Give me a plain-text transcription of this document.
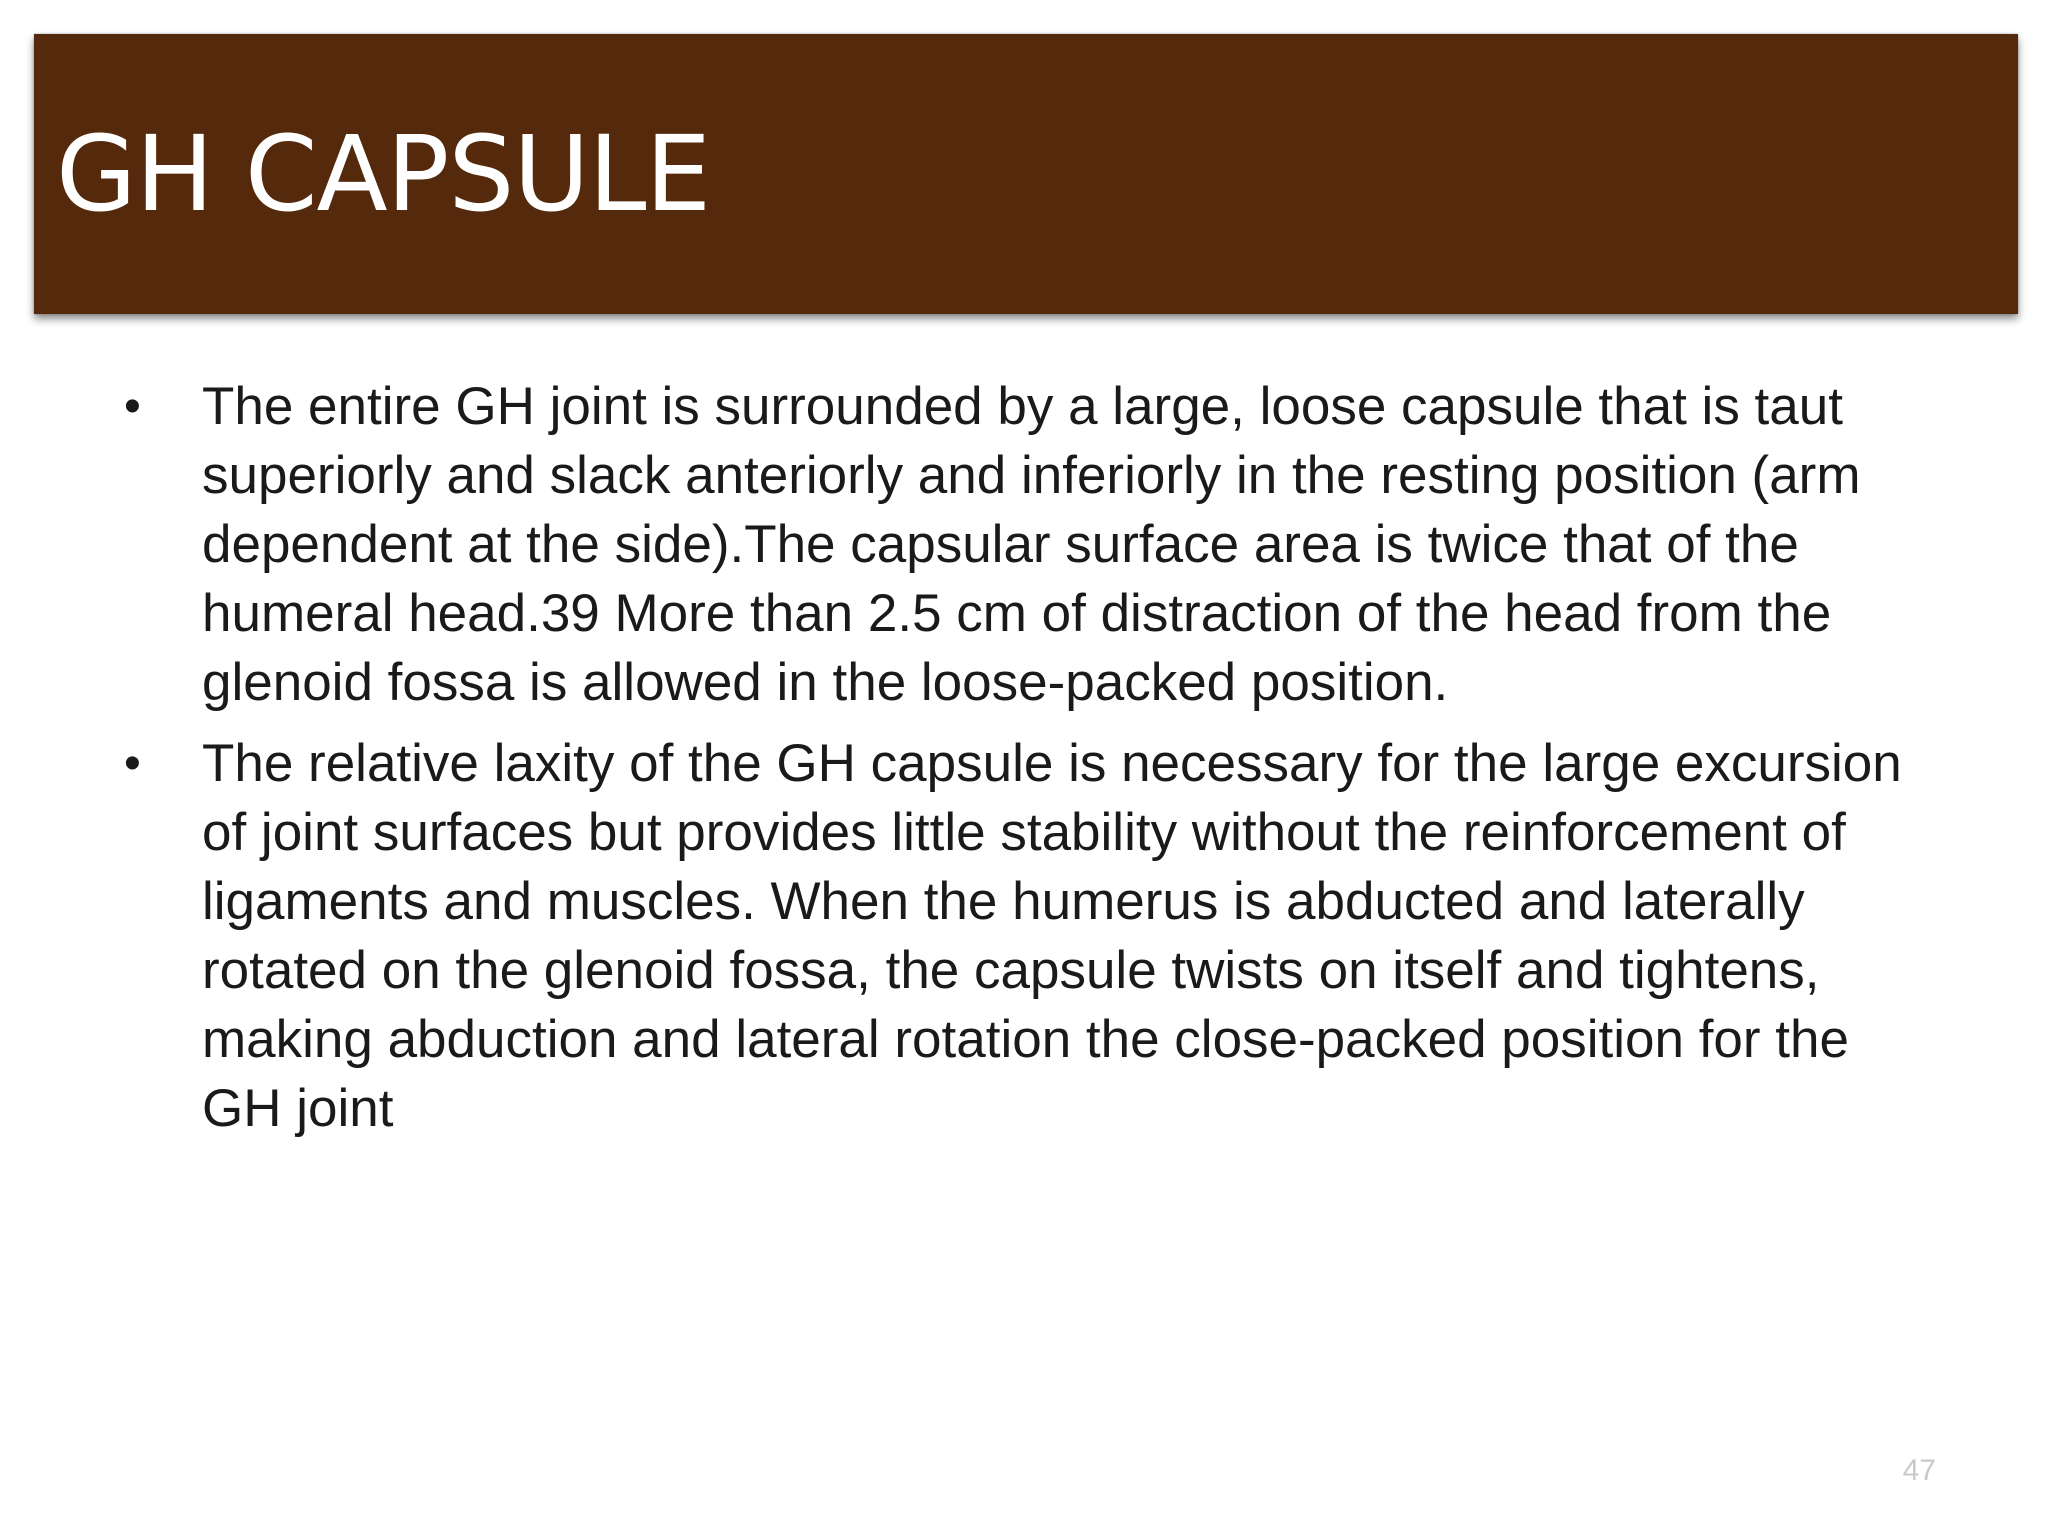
GH CAPSULE
• The entire GH joint is surrounded by a large, loose capsule that is taut superiorly and slack anteriorly and inferiorly in the resting position (arm dependent at the side).The capsular surface area is twice that of the humeral head.39 More than 2.5 cm of distraction of the head from the glenoid fossa is allowed in the loose-packed position.

• The relative laxity of the GH capsule is necessary for the large excursion of joint surfaces but provides little stability without the reinforcement of ligaments and muscles. When the humerus is abducted and laterally rotated on the glenoid fossa, the capsule twists on itself and tightens, making abduction and lateral rotation the close-packed position for the GH joint

47
